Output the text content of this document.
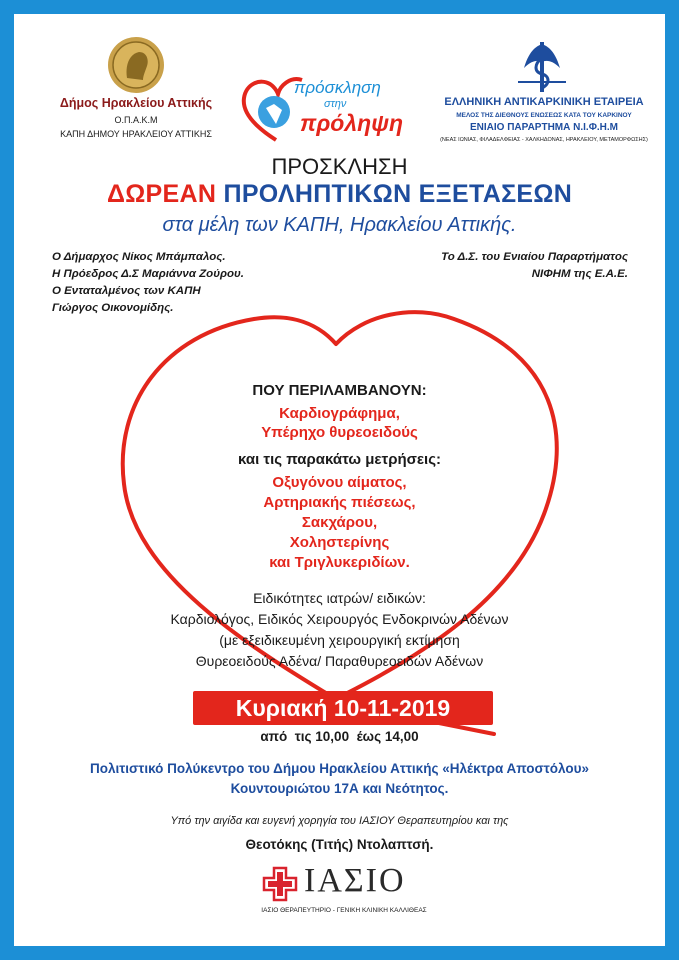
Δήμος Ηρακλείου Αττικής
Ο.Π.Α.Κ.Μ
ΚΑΠΗ ΔΗΜΟΥ ΗΡΑΚΛΕΙΟΥ ΑΤΤΙΚΗΣ
πρόσκληση
στην
πρόληψη
ΕΛΛΗΝΙΚΗ ΑΝΤΙΚΑΡΚΙΝΙΚΗ ΕΤΑΙΡΕΙΑ
ΜΕΛΟΣ ΤΗΣ ΔΙΕΘΝΟΥΣ ΕΝΩΣΕΩΣ ΚΑΤΑ ΤΟΥ ΚΑΡΚΙΝΟΥ
ΕΝΙΑΙΟ ΠΑΡΑΡΤΗΜΑ Ν.Ι.Φ.Η.Μ
(ΝΕΑΣ ΙΩΝΙΑΣ, ΦΙΛΑΔΕΛΦΕΙΑΣ - ΧΑΛΚΗΔΟΝΑΣ, ΗΡΑΚΛΕΙΟΥ, ΜΕΤΑΜΟΡΦΩΣΗΣ)
ΠΡΟΣΚΛΗΣΗ
ΔΩΡΕΑΝ ΠΡΟΛΗΠΤΙΚΩΝ ΕΞΕΤΑΣΕΩΝ
στα μέλη των ΚΑΠΗ, Ηρακλείου Αττικής.
Ο Δήμαρχος Νίκος Μπάμπαλος.
Η Πρόεδρος Δ.Σ Μαριάννα Ζούρου.
Ο Ενταταλμένος των ΚΑΠΗ
Γιώργος Οικονομίδης.
Το Δ.Σ. του Ενιαίου Παραρτήματος
ΝΙΦΗΜ της Ε.Α.Ε.
ΠΟΥ ΠΕΡΙΛΑΜΒΑΝΟΥΝ:
Καρδιογράφημα,
Υπέρηχο θυρεοειδούς
και τις παρακάτω μετρήσεις:
Οξυγόνου αίματος,
Αρτηριακής πιέσεως,
Σακχάρου,
Χοληστερίνης
και Τριγλυκεριδίων.
Ειδικότητες ιατρών/ ειδικών:
Καρδιολόγος, Ειδικός Χειρουργός Ενδοκρινών Αδένων
(με εξειδικευμένη χειρουργική εκτίμηση
Θυρεοειδούς Αδένα/ Παραθυρεοειδών Αδένων
Κυριακή 10-11-2019
από  τις 10,00  έως 14,00
Πολιτιστικό Πολύκεντρο του Δήμου Ηρακλείου Αττικής «Ηλέκτρα Αποστόλου»
Κουντουριώτου 17Α και Νεότητος.
Υπό την αιγίδα και ευγενή χορηγία του ΙΑΣΙΟΥ Θεραπευτηρίου και της
Θεοτόκης (Τιτής) Ντολαπτσή.
ΙΑΣΙΟ
ΙΑΣΙΟ ΘΕΡΑΠΕΥΤΗΡΙΟ - ΓΕΝΙΚΗ ΚΛΙΝΙΚΗ ΚΑΛΛΙΘΕΑΣ
